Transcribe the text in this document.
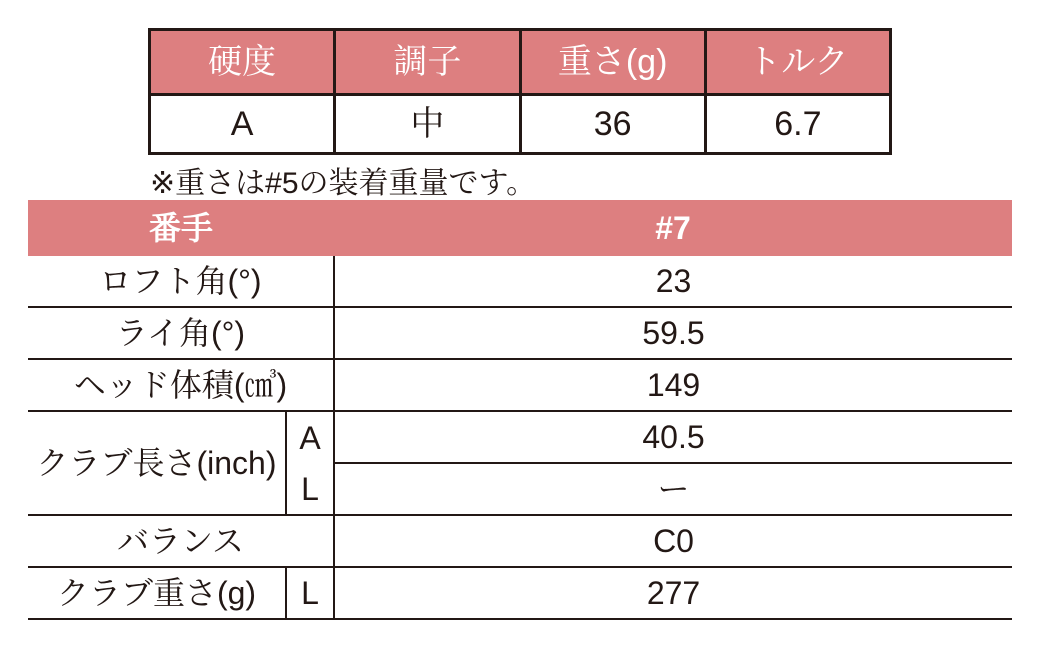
硬度	調子	重さ(g)	トルク
A	中	36	6.7
※重さは#5の装着重量です。
番手		#7
ロフト角(°)		23
ライ角(°)		59.5
ヘッド体積(㎤)		149
クラブ長さ(inch)	A	40.5
	L	ー
バランス		C0
クラブ重さ(g)	L	277
